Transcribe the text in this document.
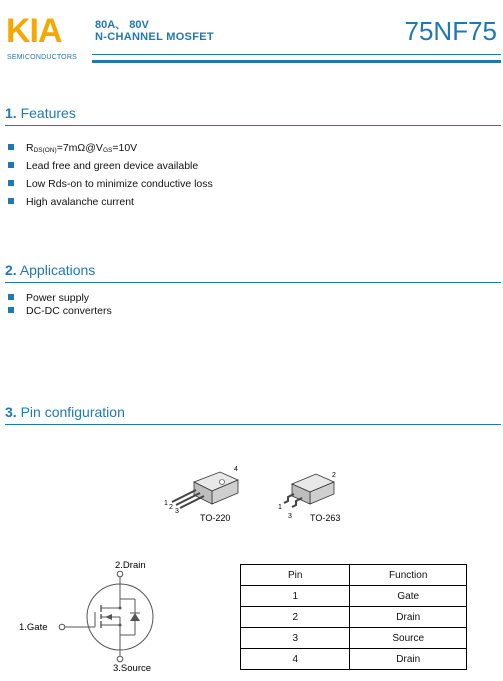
KIA
SEMICONDUCTORS
80A、 80V
N-CHANNEL MOSFET	75NF75
1. Features
$R_{DS(ON)}=7m\Omega@V_{GS}=10V$
Lead free and green device available
Low Rds-on to minimize conductive loss
High avalanche current
2. Applications
Power supply
DC-DC converters
3. Pin configuration
1
2
3
4
1
2
3
TO-220	TO-263
2.Drain
1.Gate
3.Source
Pin	Function
1	Gate
2	Drain
3	Source
4	Drain
